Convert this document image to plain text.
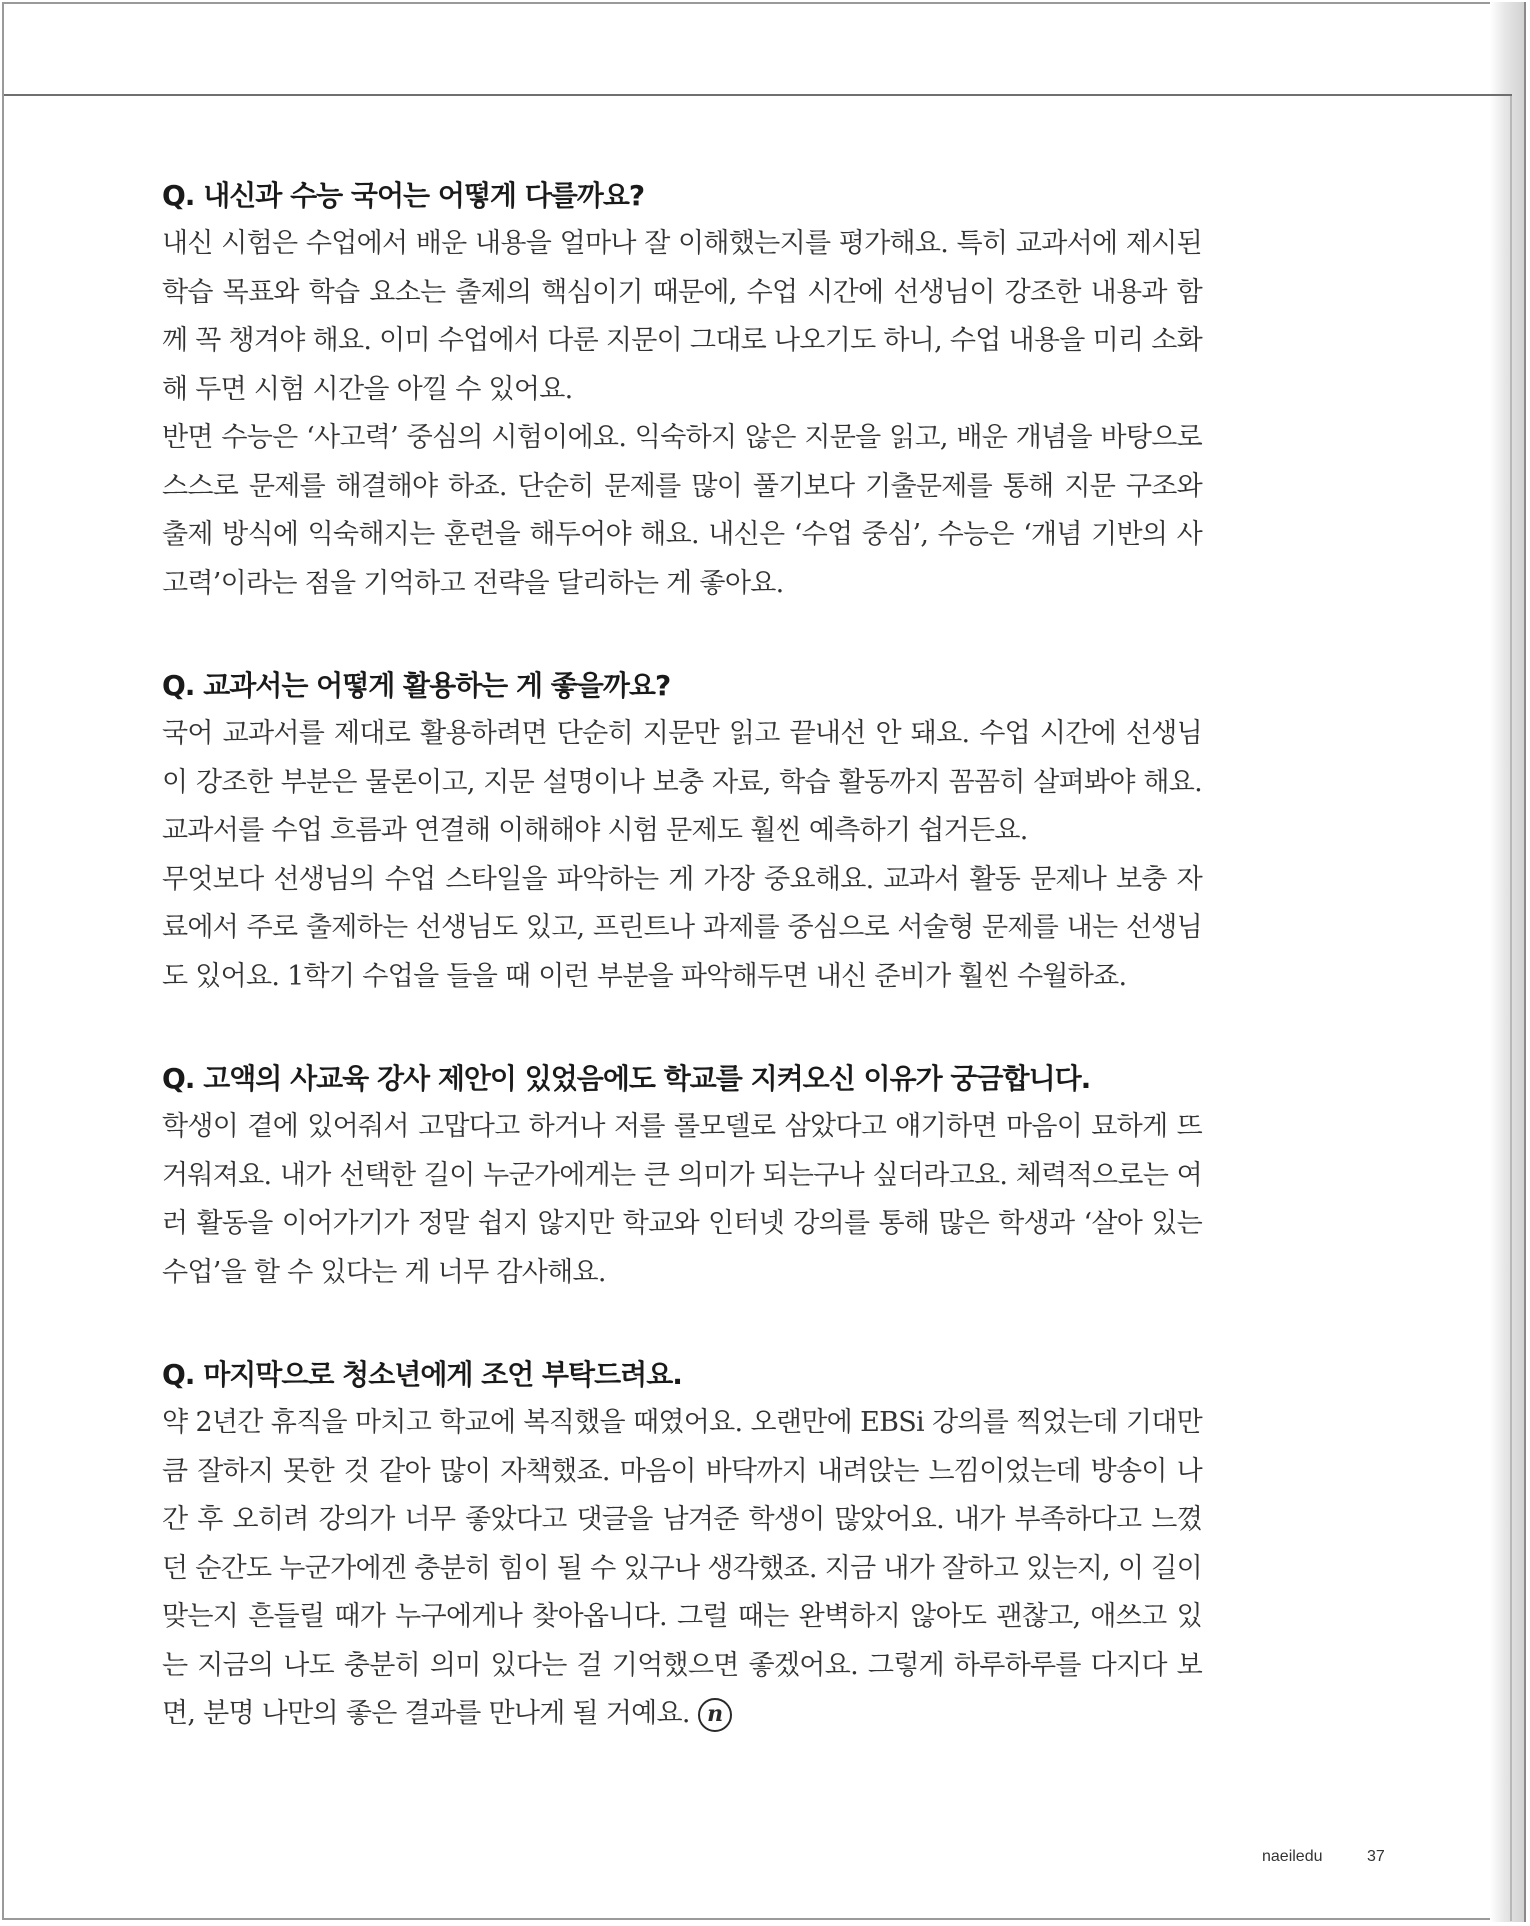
Q. 내신과 수능 국어는 어떻게 다를까요?

내신 시험은 수업에서 배운 내용을 얼마나 잘 이해했는지를 평가해요. 특히 교과서에 제시된 학습 목표와 학습 요소는 출제의 핵심이기 때문에, 수업 시간에 선생님이 강조한 내용과 함께 꼭 챙겨야 해요. 이미 수업에서 다룬 지문이 그대로 나오기도 하니, 수업 내용을 미리 소화해 두면 시험 시간을 아낄 수 있어요.

반면 수능은 ‘사고력’ 중심의 시험이에요. 익숙하지 않은 지문을 읽고, 배운 개념을 바탕으로 스스로 문제를 해결해야 하죠. 단순히 문제를 많이 풀기보다 기출문제를 통해 지문 구조와 출제 방식에 익숙해지는 훈련을 해두어야 해요. 내신은 ‘수업 중심’, 수능은 ‘개념 기반의 사고력’이라는 점을 기억하고 전략을 달리하는 게 좋아요.

Q. 교과서는 어떻게 활용하는 게 좋을까요?

국어 교과서를 제대로 활용하려면 단순히 지문만 읽고 끝내선 안 돼요. 수업 시간에 선생님이 강조한 부분은 물론이고, 지문 설명이나 보충 자료, 학습 활동까지 꼼꼼히 살펴봐야 해요. 교과서를 수업 흐름과 연결해 이해해야 시험 문제도 훨씬 예측하기 쉽거든요.

무엇보다 선생님의 수업 스타일을 파악하는 게 가장 중요해요. 교과서 활동 문제나 보충 자료에서 주로 출제하는 선생님도 있고, 프린트나 과제를 중심으로 서술형 문제를 내는 선생님도 있어요. 1학기 수업을 들을 때 이런 부분을 파악해두면 내신 준비가 훨씬 수월하죠.

Q. 고액의 사교육 강사 제안이 있었음에도 학교를 지켜오신 이유가 궁금합니다.

학생이 곁에 있어줘서 고맙다고 하거나 저를 롤모델로 삼았다고 얘기하면 마음이 묘하게 뜨거워져요. 내가 선택한 길이 누군가에게는 큰 의미가 되는구나 싶더라고요. 체력적으로는 여러 활동을 이어가기가 정말 쉽지 않지만 학교와 인터넷 강의를 통해 많은 학생과 ‘살아 있는 수업’을 할 수 있다는 게 너무 감사해요.

Q. 마지막으로 청소년에게 조언 부탁드려요.

약 2년간 휴직을 마치고 학교에 복직했을 때였어요. 오랜만에 EBSi 강의를 찍었는데 기대만큼 잘하지 못한 것 같아 많이 자책했죠. 마음이 바닥까지 내려앉는 느낌이었는데 방송이 나간 후 오히려 강의가 너무 좋았다고 댓글을 남겨준 학생이 많았어요. 내가 부족하다고 느꼈던 순간도 누군가에겐 충분히 힘이 될 수 있구나 생각했죠. 지금 내가 잘하고 있는지, 이 길이 맞는지 흔들릴 때가 누구에게나 찾아옵니다. 그럴 때는 완벽하지 않아도 괜찮고, 애쓰고 있는 지금의 나도 충분히 의미 있다는 걸 기억했으면 좋겠어요. 그렇게 하루하루를 다지다 보면, 분명 나만의 좋은 결과를 만나게 될 거예요. n

naeiledu	37
